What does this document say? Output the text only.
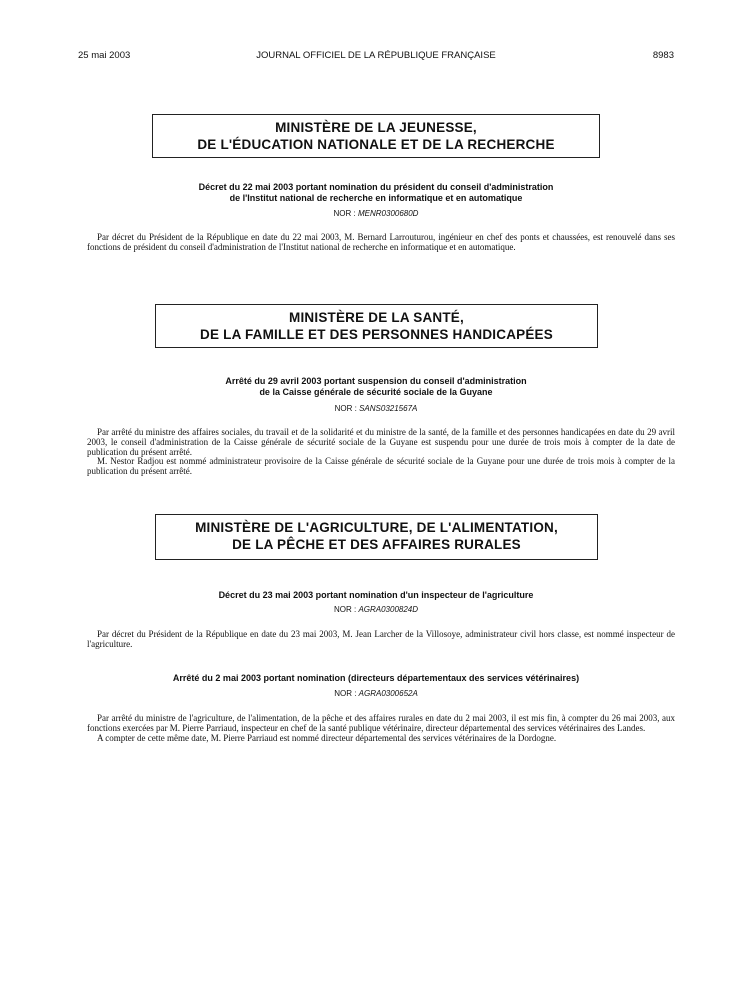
25 mai 2003	JOURNAL OFFICIEL DE LA RÉPUBLIQUE FRANÇAISE	8983
MINISTÈRE DE LA JEUNESSE,
DE L'ÉDUCATION NATIONALE ET DE LA RECHERCHE
Décret du 22 mai 2003 portant nomination du président du conseil d'administration
de l'Institut national de recherche en informatique et en automatique
NOR : MENR0300680D

Par décret du Président de la République en date du 22 mai 2003, M. Bernard Larrouturou, ingénieur en chef des ponts et chaussées, est renouvelé dans ses fonctions de président du conseil d'administration de l'Institut national de recherche en informatique et en automatique.

MINISTÈRE DE LA SANTÉ,
DE LA FAMILLE ET DES PERSONNES HANDICAPÉES
Arrêté du 29 avril 2003 portant suspension du conseil d'administration
de la Caisse générale de sécurité sociale de la Guyane
NOR : SANS0321567A

Par arrêté du ministre des affaires sociales, du travail et de la solidarité et du ministre de la santé, de la famille et des personnes handicapées en date du 29 avril 2003, le conseil d'administration de la Caisse générale de sécurité sociale de la Guyane est suspendu pour une durée de trois mois à compter de la date de publication du présent arrêté.

M. Nestor Radjou est nommé administrateur provisoire de la Caisse générale de sécurité sociale de la Guyane pour une durée de trois mois à compter de la publication du présent arrêté.

MINISTÈRE DE L'AGRICULTURE, DE L'ALIMENTATION,
DE LA PÊCHE ET DES AFFAIRES RURALES
Décret du 23 mai 2003 portant nomination d'un inspecteur de l'agriculture
NOR : AGRA0300824D

Par décret du Président de la République en date du 23 mai 2003, M. Jean Larcher de la Villosoye, administrateur civil hors classe, est nommé inspecteur de l'agriculture.

Arrêté du 2 mai 2003 portant nomination (directeurs départementaux des services vétérinaires)
NOR : AGRA0300652A

Par arrêté du ministre de l'agriculture, de l'alimentation, de la pêche et des affaires rurales en date du 2 mai 2003, il est mis fin, à compter du 26 mai 2003, aux fonctions exercées par M. Pierre Parriaud, inspecteur en chef de la santé publique vétérinaire, directeur départemental des services vétérinaires des Landes.

A compter de cette même date, M. Pierre Parriaud est nommé directeur départemental des services vétérinaires de la Dordogne.
